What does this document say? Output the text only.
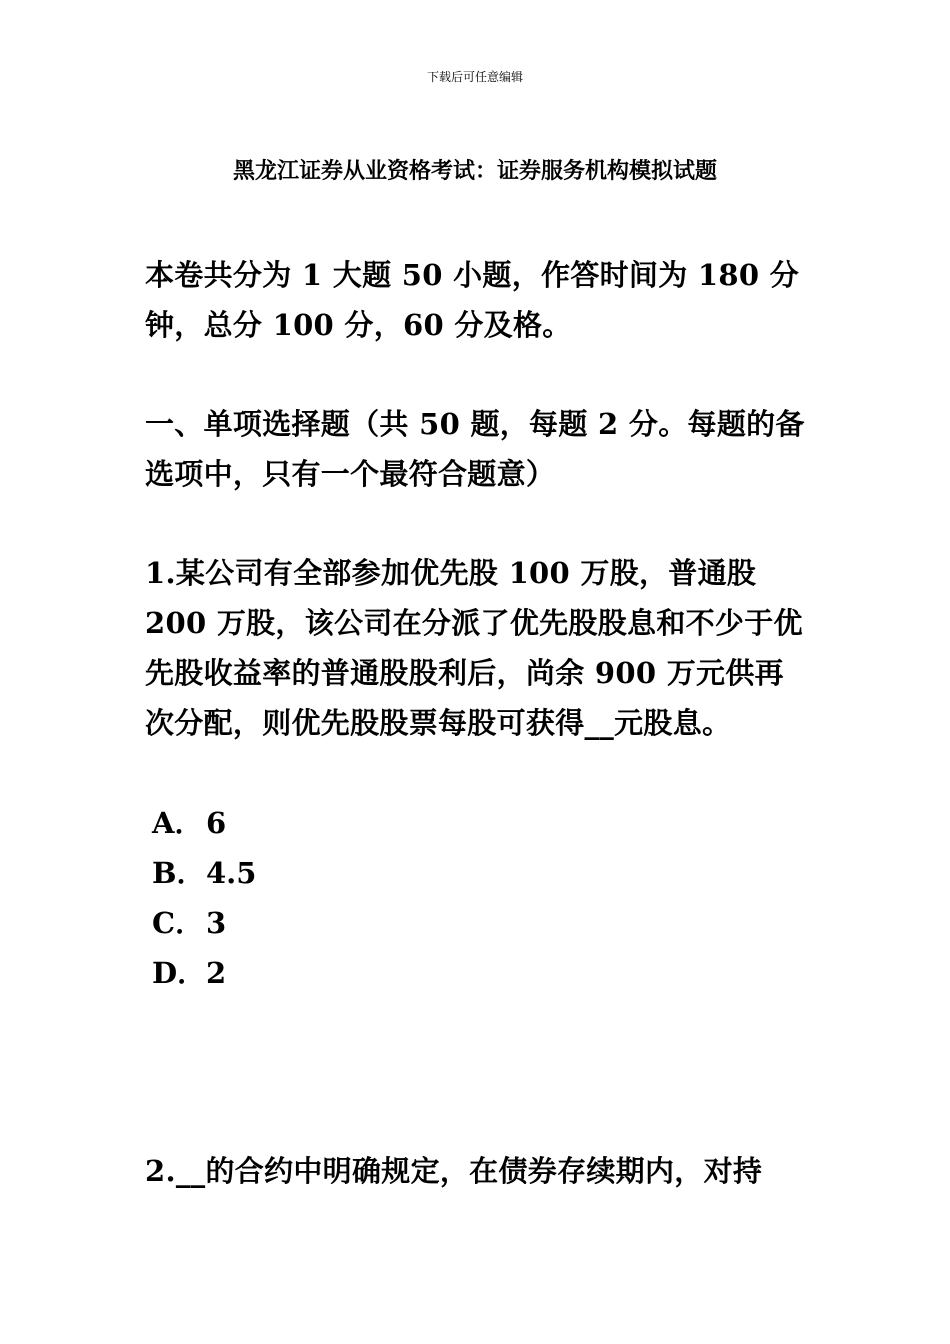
下载后可任意编辑
黑龙江证券从业资格考试：证券服务机构模拟试题
本卷共分为 1 大题 50 小题，作答时间为 180 分钟，总分 100 分，60 分及格。
一、单项选择题（共 50 题，每题 2 分。每题的备选项中，只有一个最符合题意）
1.某公司有全部参加优先股 100 万股，普通股 200 万股，该公司在分派了优先股股息和不少于优先股收益率的普通股股利后，尚余 900 万元供再次分配，则优先股股票每股可获得__元股息。
A．6
B．4.5
C．3
D．2
2.__的合约中明确规定，在债券存续期内，对持
